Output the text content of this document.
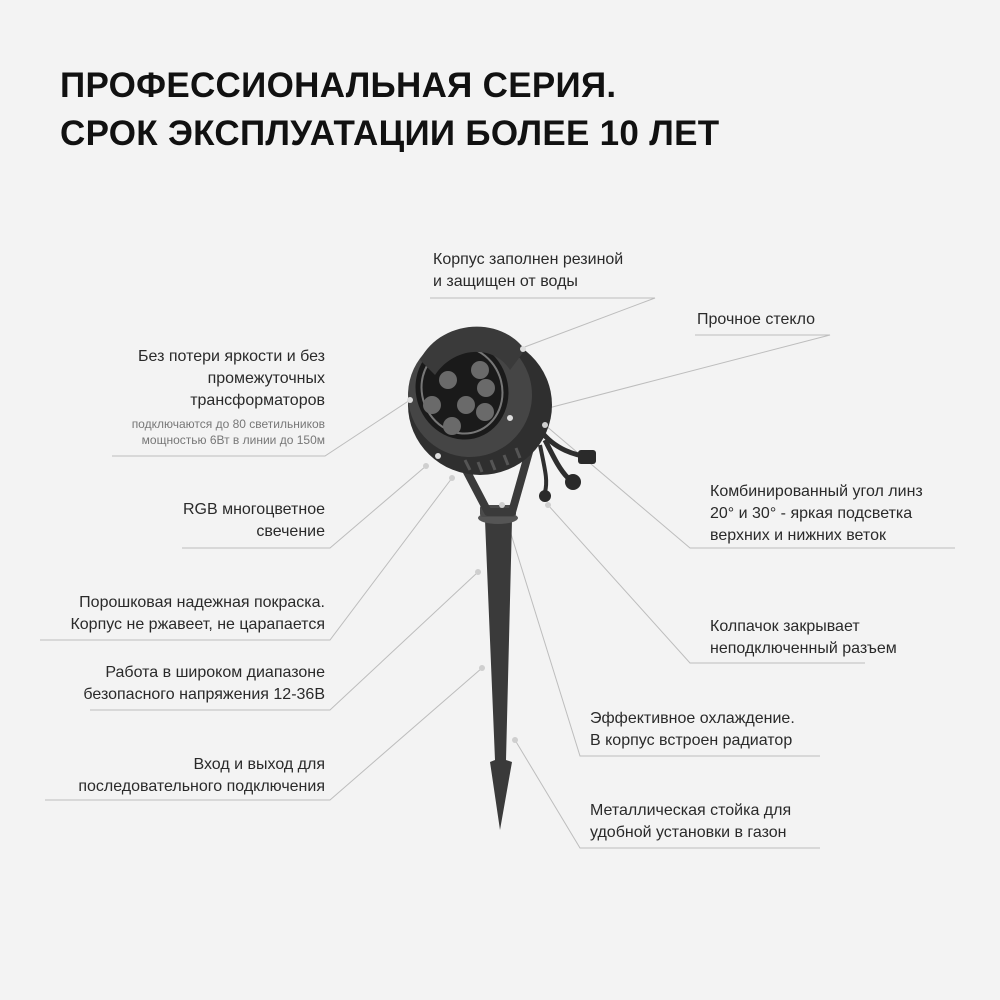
ПРОФЕССИОНАЛЬНАЯ СЕРИЯ.
СРОК ЭКСПЛУАТАЦИИ БОЛЕЕ 10 ЛЕТ
Корпус заполнен резиной
и защищен от воды
Прочное стекло
Без потери яркости и без
промежуточных
трансформаторов
подключаются до 80 светильников
мощностью 6Вт в линии до 150м
RGB многоцветное
свечение
Порошковая надежная покраска.
Корпус не ржавеет, не царапается
Работа в широком диапазоне
безопасного напряжения 12-36В
Вход и выход для
последовательного подключения
Комбинированный угол линз
20° и 30° - яркая подсветка
верхних и нижних веток
Колпачок закрывает
неподключенный разъем
Эффективное охлаждение.
В корпус встроен радиатор
Металлическая стойка для
удобной установки в газон
